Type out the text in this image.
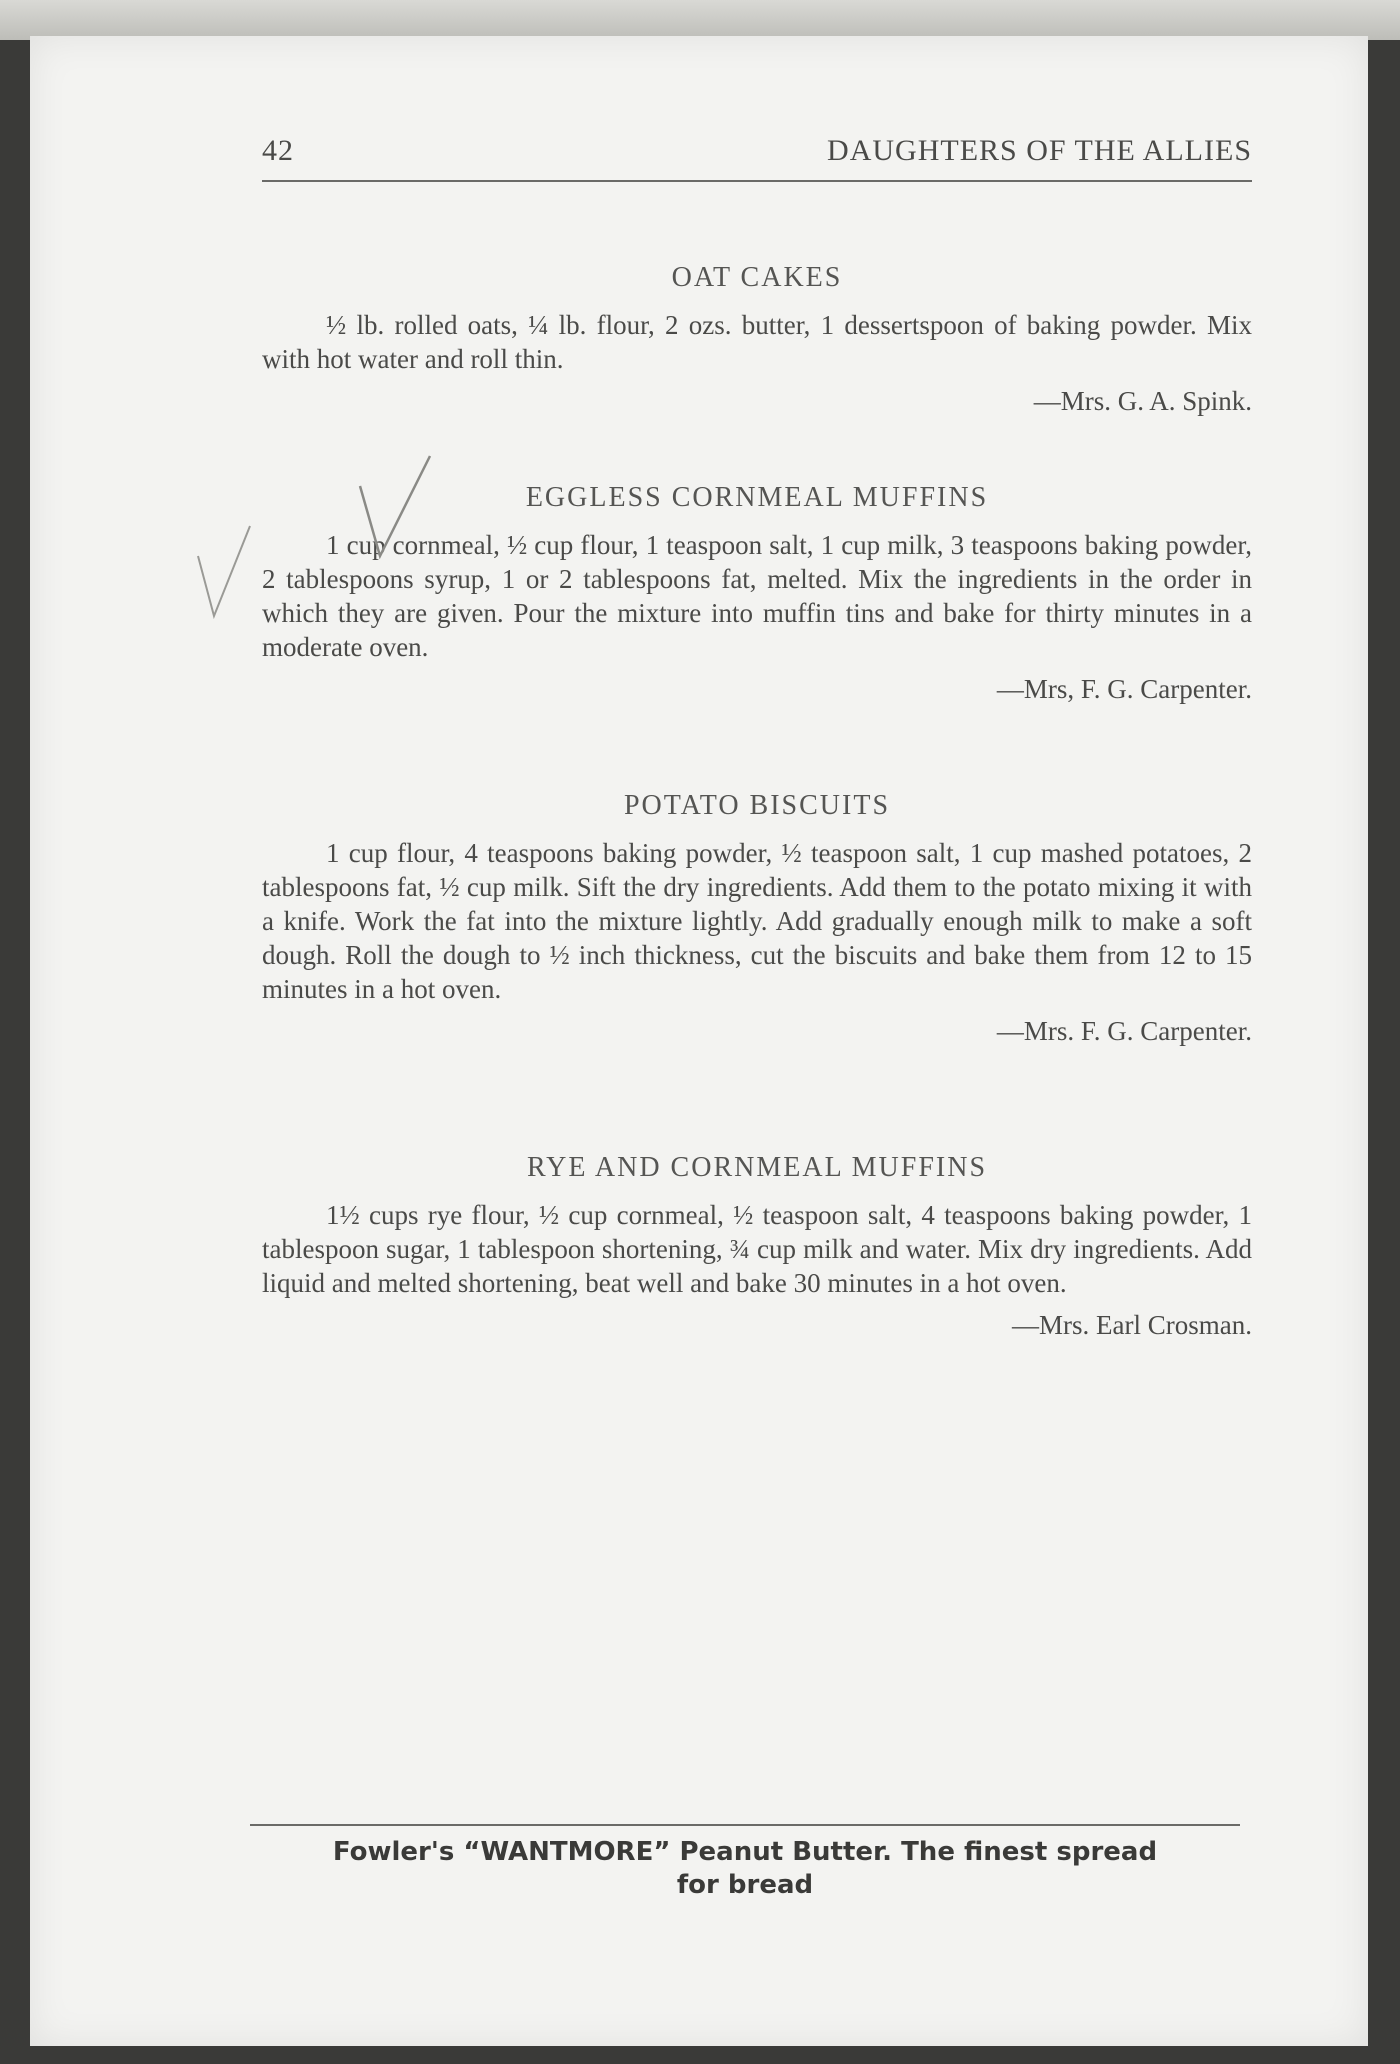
42	DAUGHTERS OF THE ALLIES
OAT CAKES

½ lb. rolled oats, ¼ lb. flour, 2 ozs. butter, 1 dessertspoon of baking powder. Mix with hot water and roll thin.

—Mrs. G. A. Spink.
EGGLESS CORNMEAL MUFFINS

1 cup cornmeal, ½ cup flour, 1 teaspoon salt, 1 cup milk, 3 teaspoons baking powder, 2 tablespoons syrup, 1 or 2 tablespoons fat, melted. Mix the ingredients in the order in which they are given. Pour the mixture into muffin tins and bake for thirty minutes in a moderate oven.

—Mrs, F. G. Carpenter.
POTATO BISCUITS

1 cup flour, 4 teaspoons baking powder, ½ teaspoon salt, 1 cup mashed potatoes, 2 tablespoons fat, ½ cup milk. Sift the dry ingredients. Add them to the potato mixing it with a knife. Work the fat into the mixture lightly. Add gradually enough milk to make a soft dough. Roll the dough to ½ inch thickness, cut the biscuits and bake them from 12 to 15 minutes in a hot oven.

—Mrs. F. G. Carpenter.
RYE AND CORNMEAL MUFFINS

1½ cups rye flour, ½ cup cornmeal, ½ teaspoon salt, 4 teaspoons baking powder, 1 tablespoon sugar, 1 tablespoon shortening, ¾ cup milk and water. Mix dry ingredients. Add liquid and melted shortening, beat well and bake 30 minutes in a hot oven.

—Mrs. Earl Crosman.
Fowler's “WANTMORE” Peanut Butter. The finest spread
for bread
